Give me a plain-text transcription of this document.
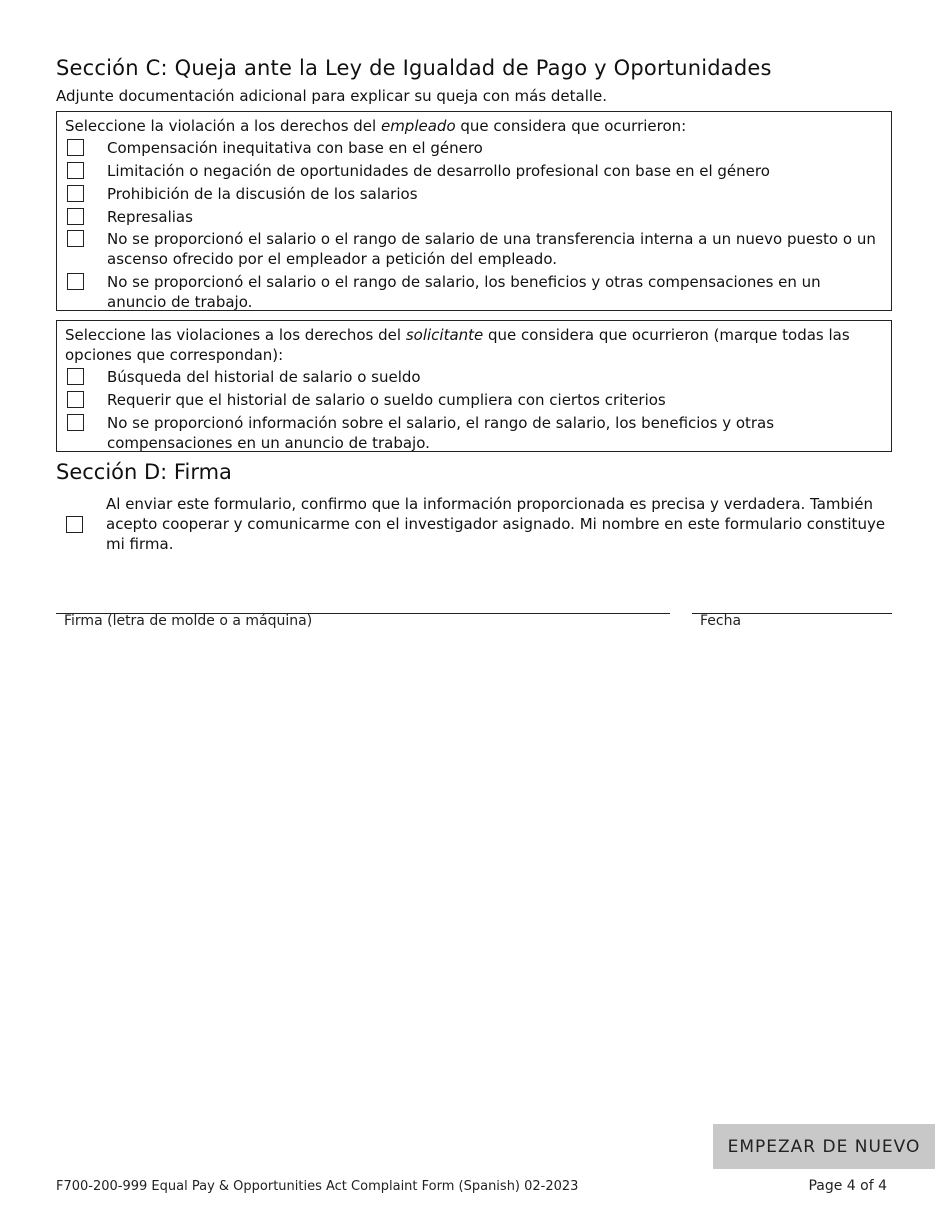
Sección C: Queja ante la Ley de Igualdad de Pago y Oportunidades
Adjunte documentación adicional para explicar su queja con más detalle.
Seleccione la violación a los derechos del empleado que considera que ocurrieron:
Compensación inequitativa con base en el género
Limitación o negación de oportunidades de desarrollo profesional con base en el género
Prohibición de la discusión de los salarios
Represalias
No se proporcionó el salario o el rango de salario de una transferencia interna a un nuevo puesto o un ascenso ofrecido por el empleador a petición del empleado.
No se proporcionó el salario o el rango de salario, los beneficios y otras compensaciones en un anuncio de trabajo.
Seleccione las violaciones a los derechos del solicitante que considera que ocurrieron (marque todas las opciones que correspondan):
Búsqueda del historial de salario o sueldo
Requerir que el historial de salario o sueldo cumpliera con ciertos criterios
No se proporcionó información sobre el salario, el rango de salario, los beneficios y otras compensaciones en un anuncio de trabajo.
Sección D: Firma
Al enviar este formulario, confirmo que la información proporcionada es precisa y verdadera. También acepto cooperar y comunicarme con el investigador asignado. Mi nombre en este formulario constituye mi firma.
Firma (letra de molde o a máquina)	Fecha
EMPEZAR DE NUEVO
F700-200-999 Equal Pay & Opportunities Act Complaint Form (Spanish) 02-2023	Page 4 of 4
